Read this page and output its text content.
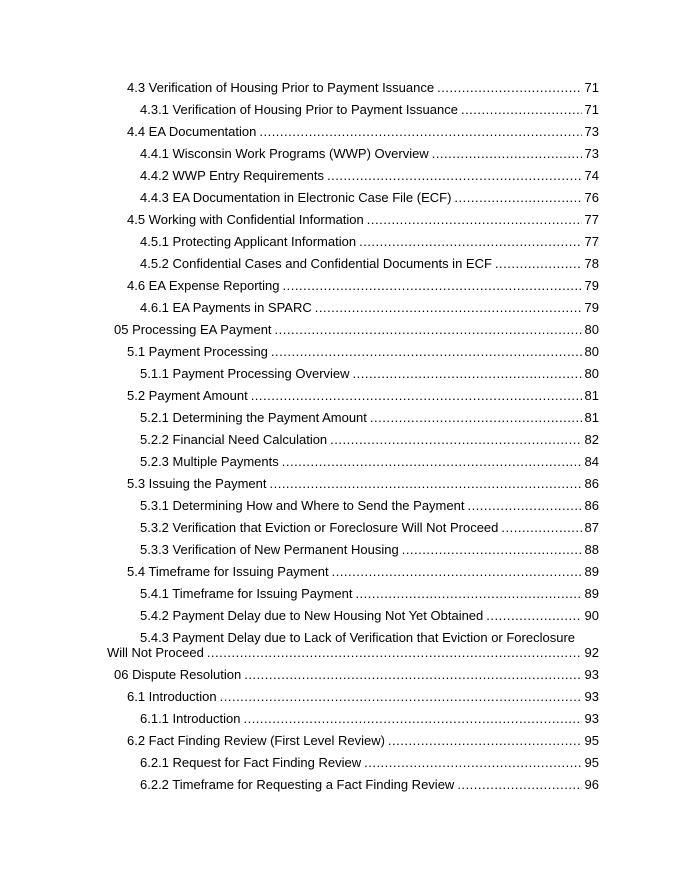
4.3 Verification of Housing Prior to Payment Issuance .....	71
4.3.1 Verification of Housing Prior to Payment Issuance .....	71
4.4 EA Documentation .....	73
4.4.1 Wisconsin Work Programs (WWP) Overview .....	73
4.4.2 WWP Entry Requirements .....	74
4.4.3 EA Documentation in Electronic Case File (ECF) .....	76
4.5 Working with Confidential Information .....	77
4.5.1 Protecting Applicant Information .....	77
4.5.2 Confidential Cases and Confidential Documents in ECF .....	78
4.6 EA Expense Reporting .....	79
4.6.1 EA Payments in SPARC .....	79
05 Processing EA Payment .....	80
5.1 Payment Processing .....	80
5.1.1 Payment Processing Overview .....	80
5.2 Payment Amount .....	81
5.2.1 Determining the Payment Amount .....	81
5.2.2 Financial Need Calculation .....	82
5.2.3 Multiple Payments .....	84
5.3 Issuing the Payment .....	86
5.3.1 Determining How and Where to Send the Payment .....	86
5.3.2 Verification that Eviction or Foreclosure Will Not Proceed .....	87
5.3.3 Verification of New Permanent Housing .....	88
5.4 Timeframe for Issuing Payment .....	89
5.4.1 Timeframe for Issuing Payment .....	89
5.4.2 Payment Delay due to New Housing Not Yet Obtained .....	90
5.4.3 Payment Delay due to Lack of Verification that Eviction or Foreclosure
Will Not Proceed .....	92
06 Dispute Resolution .....	93
6.1 Introduction .....	93
6.1.1 Introduction .....	93
6.2 Fact Finding Review (First Level Review) .....	95
6.2.1 Request for Fact Finding Review .....	95
6.2.2 Timeframe for Requesting a Fact Finding Review .....	96
